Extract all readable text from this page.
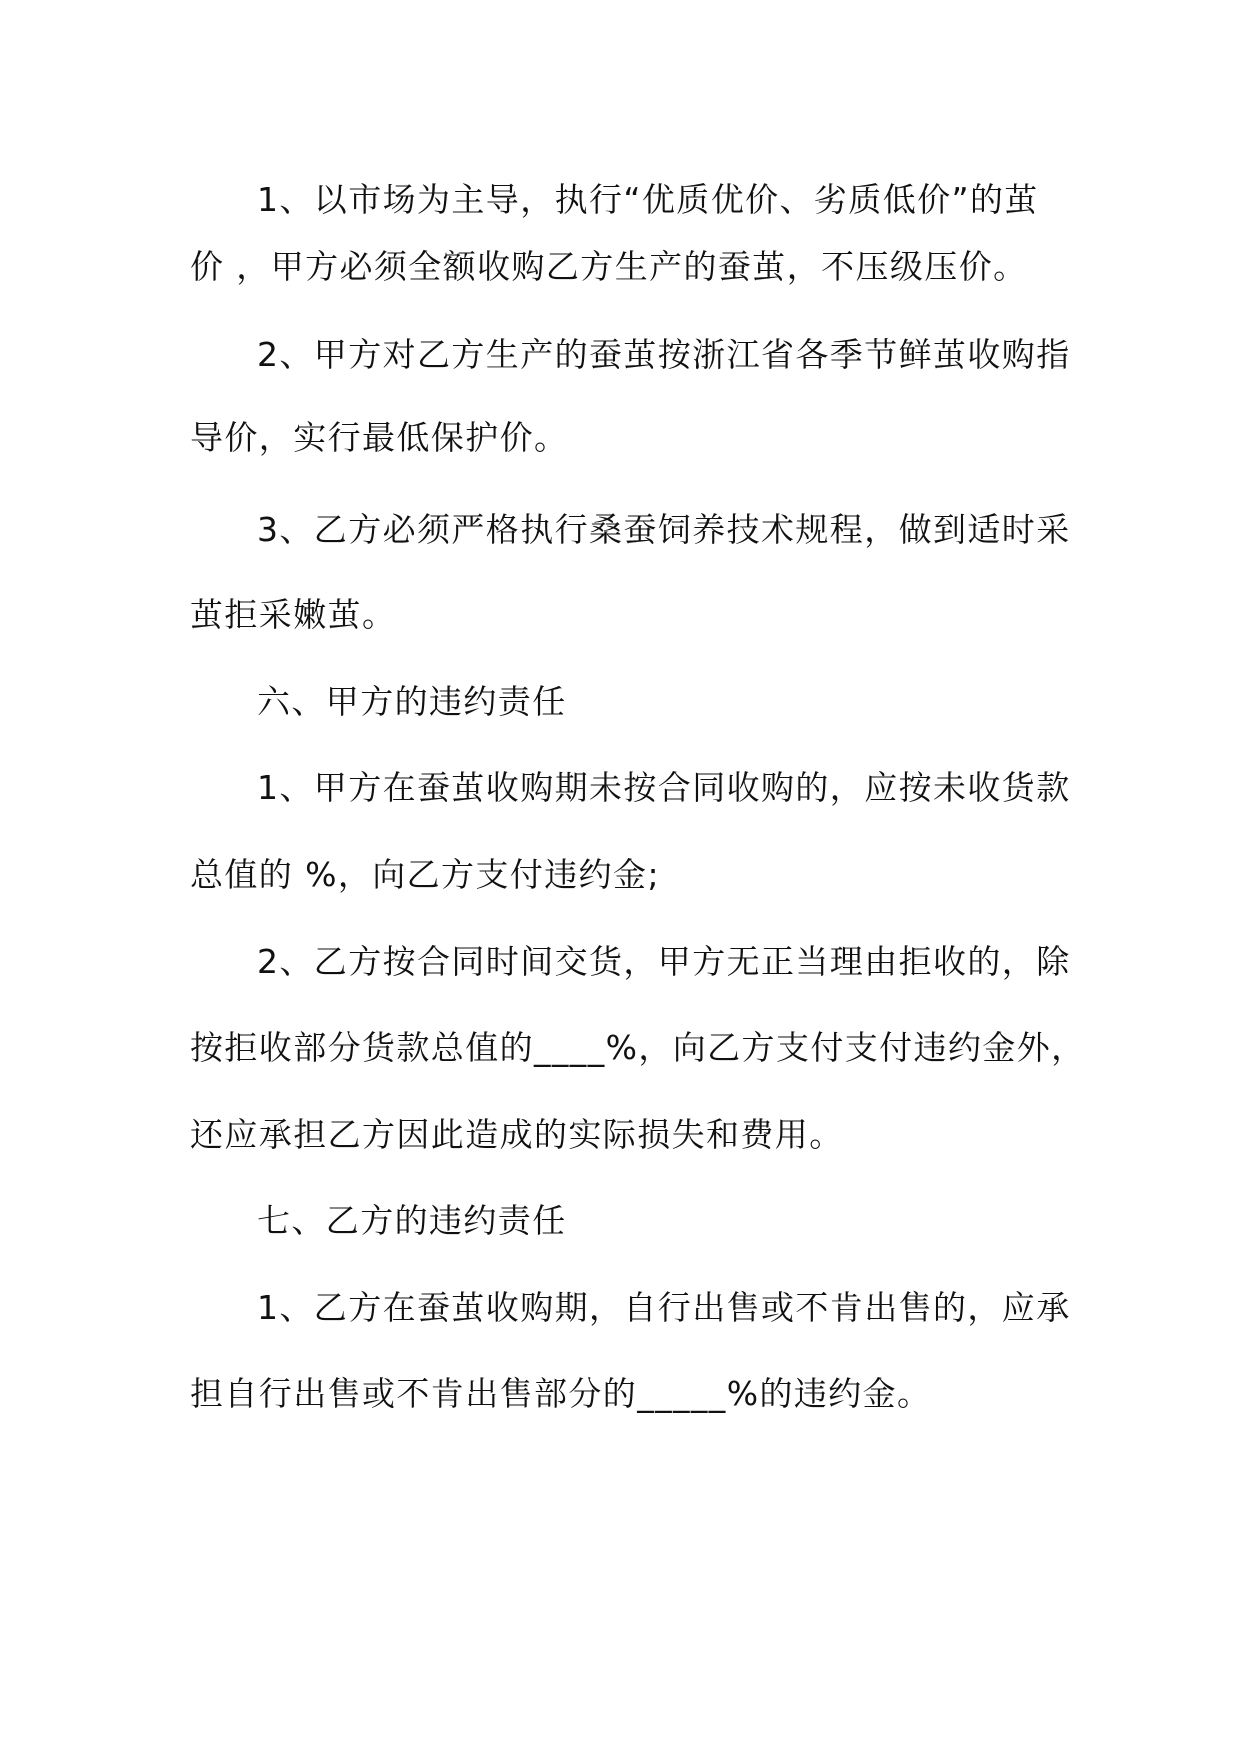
1、以市场为主导，执行“优质优价、劣质低价”的茧
价 ，甲方必须全额收购乙方生产的蚕茧，不压级压价。
2、甲方对乙方生产的蚕茧按浙江省各季节鲜茧收购指
导价，实行最低保护价。
3、乙方必须严格执行桑蚕饲养技术规程，做到适时采
茧拒采嫩茧。
六、甲方的违约责任
1、甲方在蚕茧收购期未按合同收购的，应按未收货款
总值的 %，向乙方支付违约金;
2、乙方按合同时间交货，甲方无正当理由拒收的，除
按拒收部分货款总值的____%，向乙方支付支付违约金外，
还应承担乙方因此造成的实际损失和费用。
七、乙方的违约责任
1、乙方在蚕茧收购期，自行出售或不肯出售的，应承
担自行出售或不肯出售部分的_____%的违约金。
